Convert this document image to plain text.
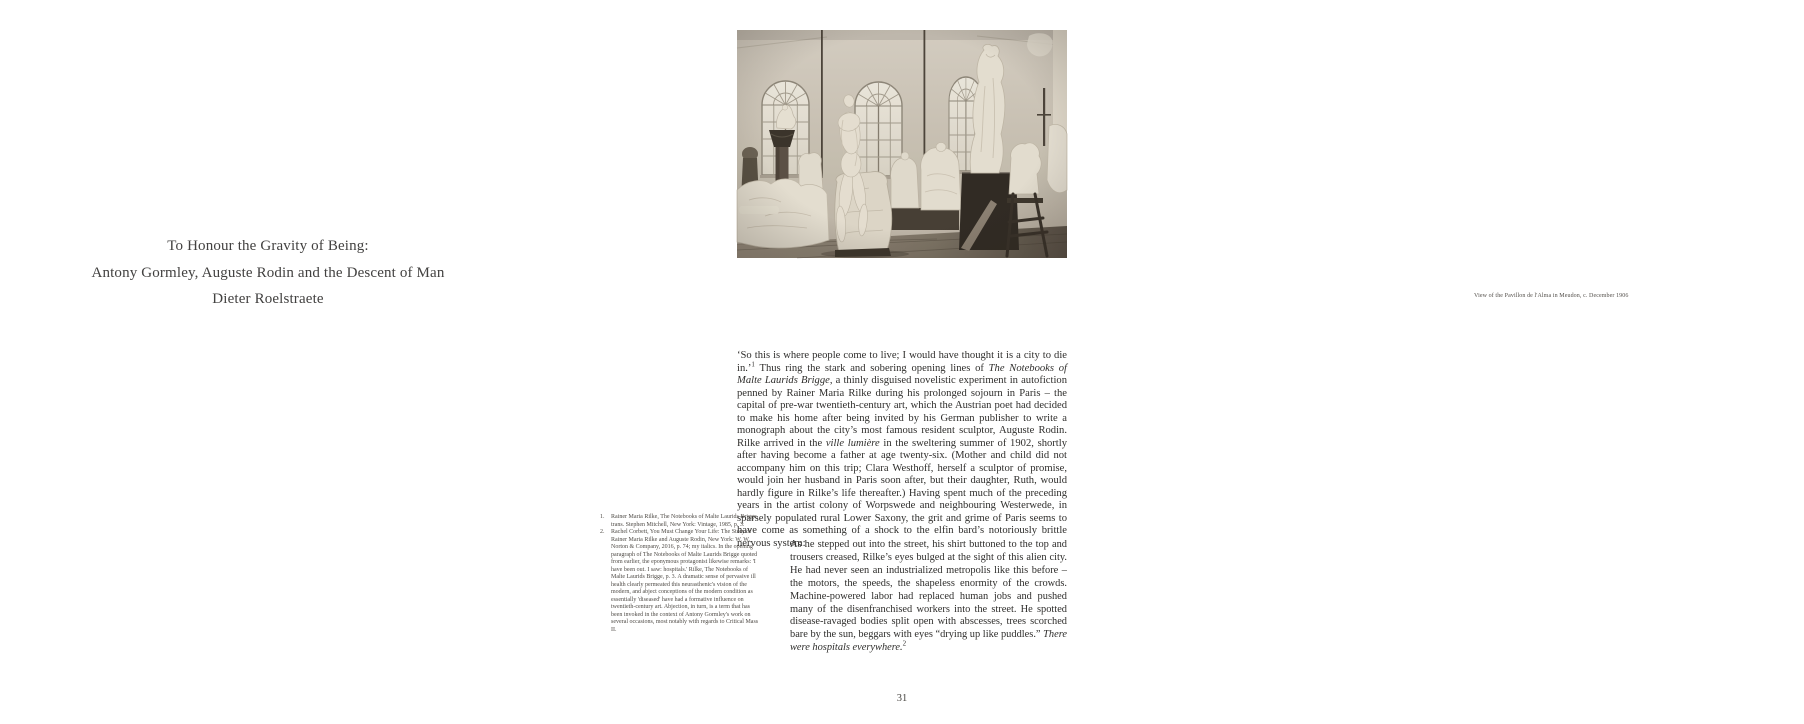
To Honour the Gravity of Being:
Antony Gormley, Auguste Rodin and the Descent of Man
Dieter Roelstraete
1.	Rainer Maria Rilke, The Notebooks of Malte Laurids Brigge, trans. Stephen Mitchell, New York: Vintage, 1985, p. 3.
2.	Rachel Corbett, You Must Change Your Life: The Story of Rainer Maria Rilke and Auguste Rodin, New York: W. W. Norton & Company, 2016, p. 74; my italics. In the opening paragraph of The Notebooks of Malte Laurids Brigge quoted from earlier, the eponymous protagonist likewise remarks: 'I have been out. I saw: hospitals.' Rilke, The Notebooks of Malte Laurids Brigge, p. 3. A dramatic sense of pervasive ill health clearly permeated this neurasthenic's vision of the modern, and abject conceptions of the modern condition as essentially 'diseased' have had a formative influence on twentieth-century art. Abjection, in turn, is a term that has been invoked in the context of Antony Gormley's work on several occasions, most notably with regards to Critical Mass II.
View of the Pavillon de l'Alma in Meudon, c. December 1906

‘So this is where people come to live; I would have thought it is a city to die in.’$^1$ Thus ring the stark and sobering opening lines of The Notebooks of Malte Laurids Brigge, a thinly disguised novelistic experiment in autofiction penned by Rainer Maria Rilke during his prolonged sojourn in Paris – the capital of pre-war twentieth-century art, which the Austrian poet had decided to make his home after being invited by his German publisher to write a monograph about the city’s most famous resident sculptor, Auguste Rodin. Rilke arrived in the ville lumière in the sweltering summer of 1902, shortly after having become a father at age twenty-six. (Mother and child did not accompany him on this trip; Clara Westhoff, herself a sculptor of promise, would join her husband in Paris soon after, but their daughter, Ruth, would hardly figure in Rilke’s life thereafter.) Having spent much of the preceding years in the artist colony of Worpswede and neighbouring Westerwede, in sparsely populated rural Lower Saxony, the grit and grime of Paris seems to have come as something of a shock to the elfin bard’s notoriously brittle nervous system:

As he stepped out into the street, his shirt buttoned to the top and trousers creased, Rilke’s eyes bulged at the sight of this alien city. He had never seen an industrialized metropolis like this before – the motors, the speeds, the shapeless enormity of the crowds. Machine-powered labor had replaced human jobs and pushed many of the disenfranchised workers into the street. He spotted disease-ravaged bodies split open with abscesses, trees scorched bare by the sun, beggars with eyes “drying up like puddles.” There were hospitals everywhere.$^2$
31
